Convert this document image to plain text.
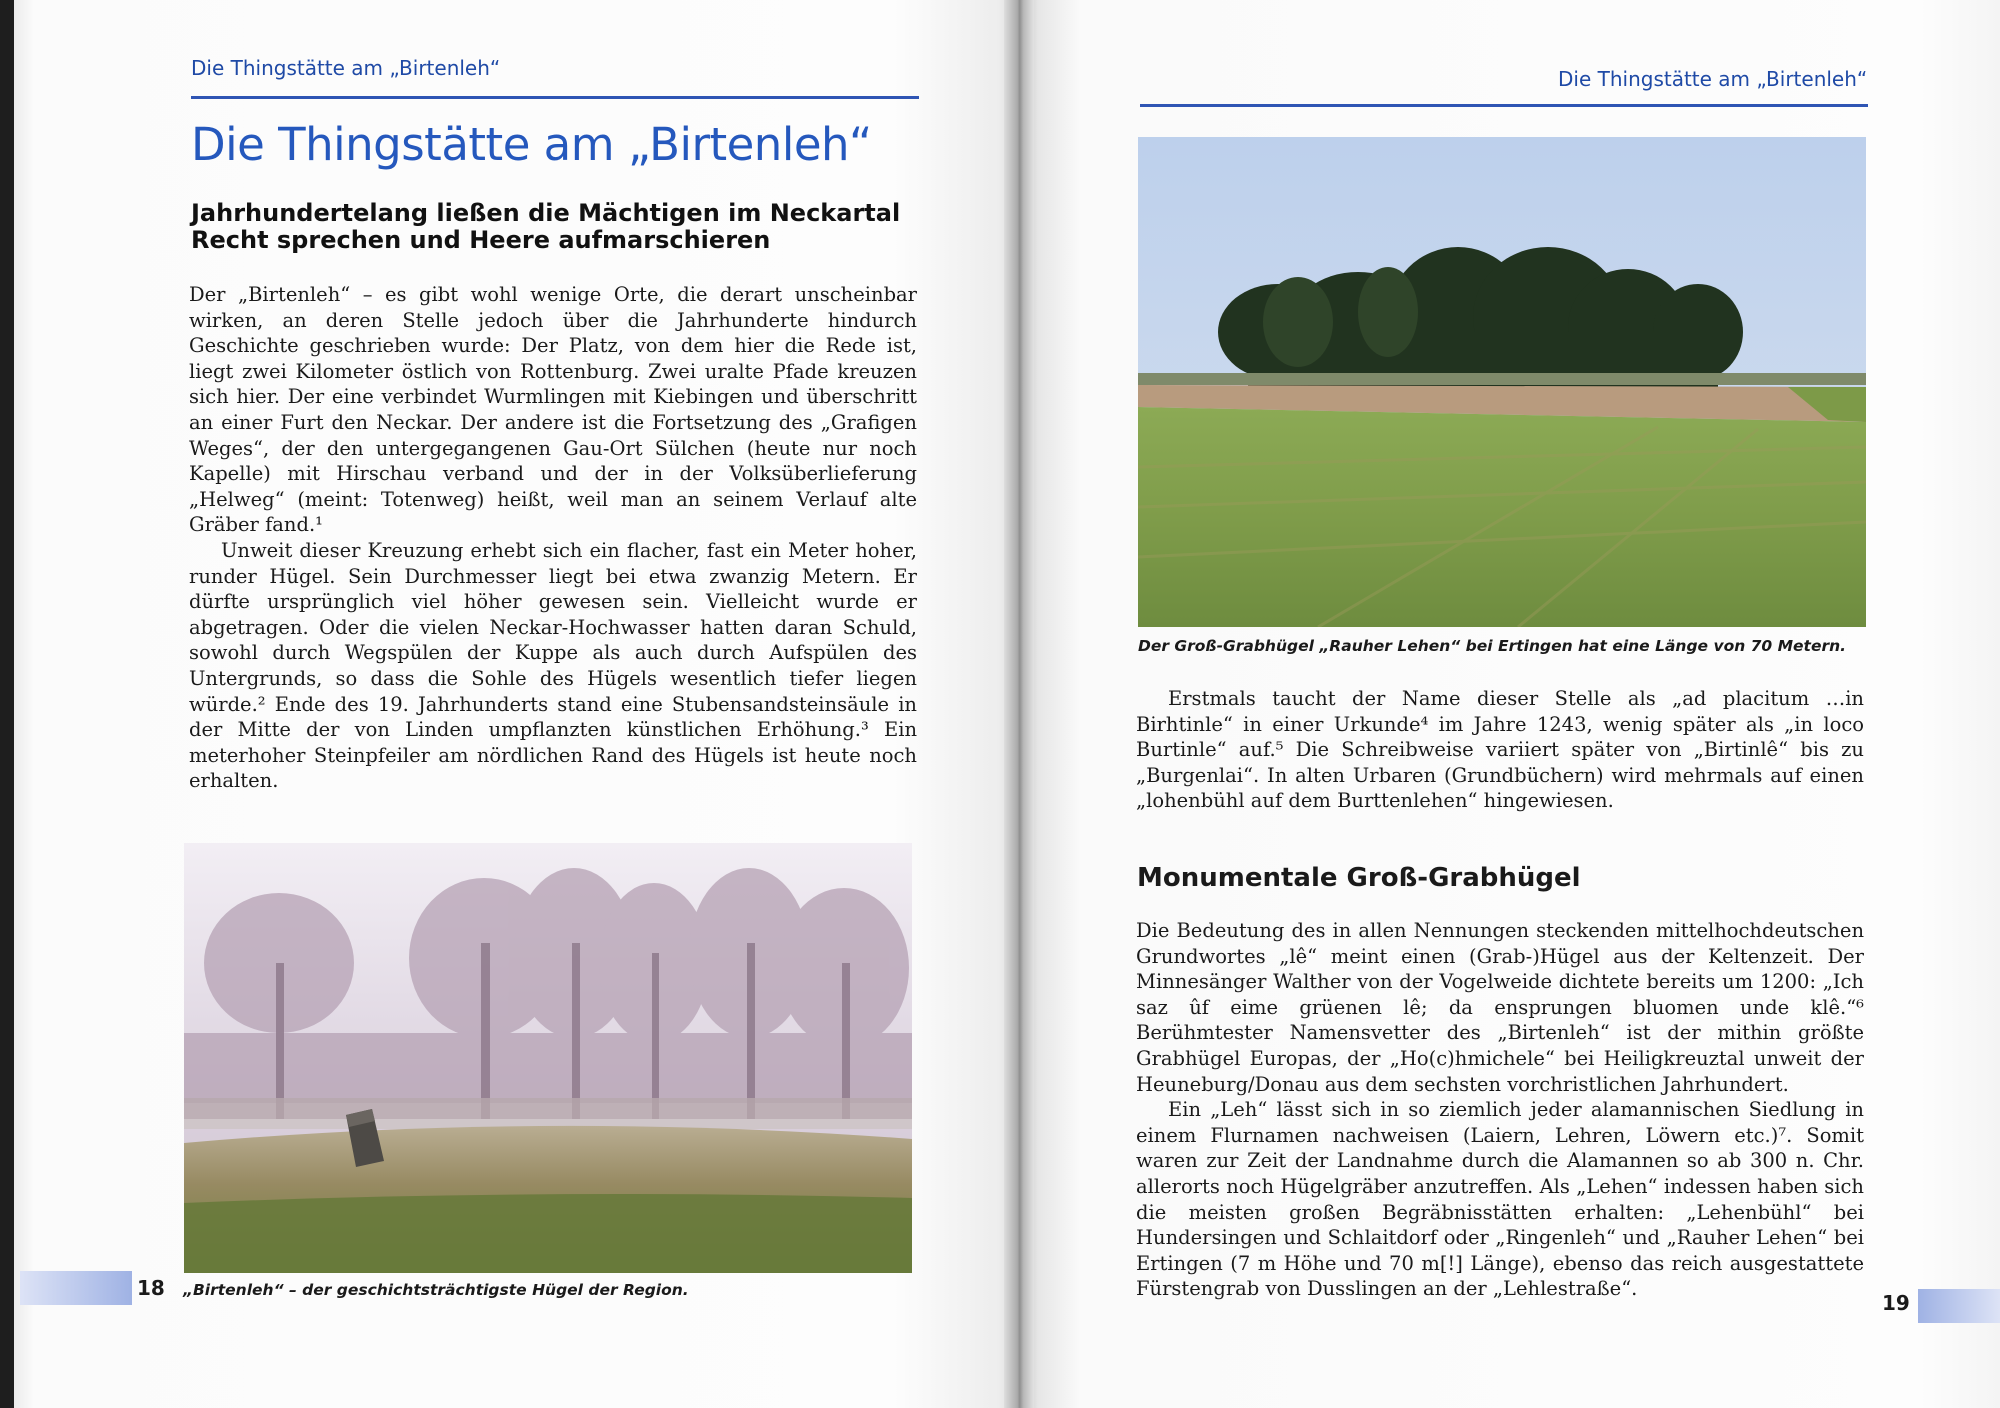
Die Thingstätte am „Birtenleh“
Die Thingstätte am „Birtenleh“
Jahrhundertelang ließen die Mächtigen im Neckartal
Recht sprechen und Heere aufmarschieren

Der „Birtenleh“ – es gibt wohl wenige Orte, die derart unscheinbar wirken, an deren Stelle jedoch über die Jahrhunderte hindurch Geschichte geschrieben wurde: Der Platz, von dem hier die Rede ist, liegt zwei Kilometer östlich von Rottenburg. Zwei uralte Pfade kreuzen sich hier. Der eine verbindet Wurmlingen mit Kiebingen und überschritt an einer Furt den Neckar. Der andere ist die Fortsetzung des „Grafigen Weges“, der den untergegangenen Gau-Ort Sülchen (heute nur noch Kapelle) mit Hirschau verband und der in der Volksüberlieferung „Helweg“ (meint: Totenweg) heißt, weil man an seinem Verlauf alte Gräber fand.¹

Unweit dieser Kreuzung erhebt sich ein flacher, fast ein Meter hoher, runder Hügel. Sein Durchmesser liegt bei etwa zwanzig Metern. Er dürfte ursprünglich viel höher gewesen sein. Vielleicht wurde er abgetragen. Oder die vielen Neckar-Hochwasser hatten daran Schuld, sowohl durch Wegspülen der Kuppe als auch durch Aufspülen des Untergrunds, so dass die Sohle des Hügels wesentlich tiefer liegen würde.² Ende des 19. Jahrhunderts stand eine Stubensandsteinsäule in der Mitte der von Linden umpflanzten künstlichen Erhöhung.³ Ein meterhoher Steinpfeiler am nördlichen Rand des Hügels ist heute noch erhalten.

„Birtenleh“ – der geschichtsträchtigste Hügel der Region.
18
Die Thingstätte am „Birtenleh“
Der Groß-Grabhügel „Rauher Lehen“ bei Ertingen hat eine Länge von 70 Metern.

Erstmals taucht der Name dieser Stelle als „ad placitum …in Birhtinle“ in einer Urkunde⁴ im Jahre 1243, wenig später als „in loco Burtinle“ auf.⁵ Die Schreibweise variiert später von „Birtinlê“ bis zu „Burgenlai“. In alten Urbaren (Grundbüchern) wird mehrmals auf einen „lohenbühl auf dem Burttenlehen“ hingewiesen.

Monumentale Groß-Grabhügel

Die Bedeutung des in allen Nennungen steckenden mittelhochdeutschen Grundwortes „lê“ meint einen (Grab-)Hügel aus der Keltenzeit. Der Minnesänger Walther von der Vogelweide dichtete bereits um 1200: „Ich saz ûf eime grüenen lê; da ensprungen bluomen unde klê.“⁶ Berühmtester Namensvetter des „Birtenleh“ ist der mithin größte Grabhügel Europas, der „Ho(c)hmichele“ bei Heiligkreuztal unweit der Heuneburg/Donau aus dem sechsten vorchristlichen Jahrhundert.

Ein „Leh“ lässt sich in so ziemlich jeder alamannischen Siedlung in einem Flurnamen nachweisen (Laiern, Lehren, Löwern etc.)⁷. Somit waren zur Zeit der Landnahme durch die Alamannen so ab 300 n. Chr. allerorts noch Hügelgräber anzutreffen. Als „Lehen“ indessen haben sich die meisten großen Begräbnisstätten erhalten: „Lehenbühl“ bei Hundersingen und Schlaitdorf oder „Ringenleh“ und „Rauher Lehen“ bei Ertingen (7 m Höhe und 70 m[!] Länge), ebenso das reich ausgestattete Fürstengrab von Dusslingen an der „Lehlestraße“.

19
